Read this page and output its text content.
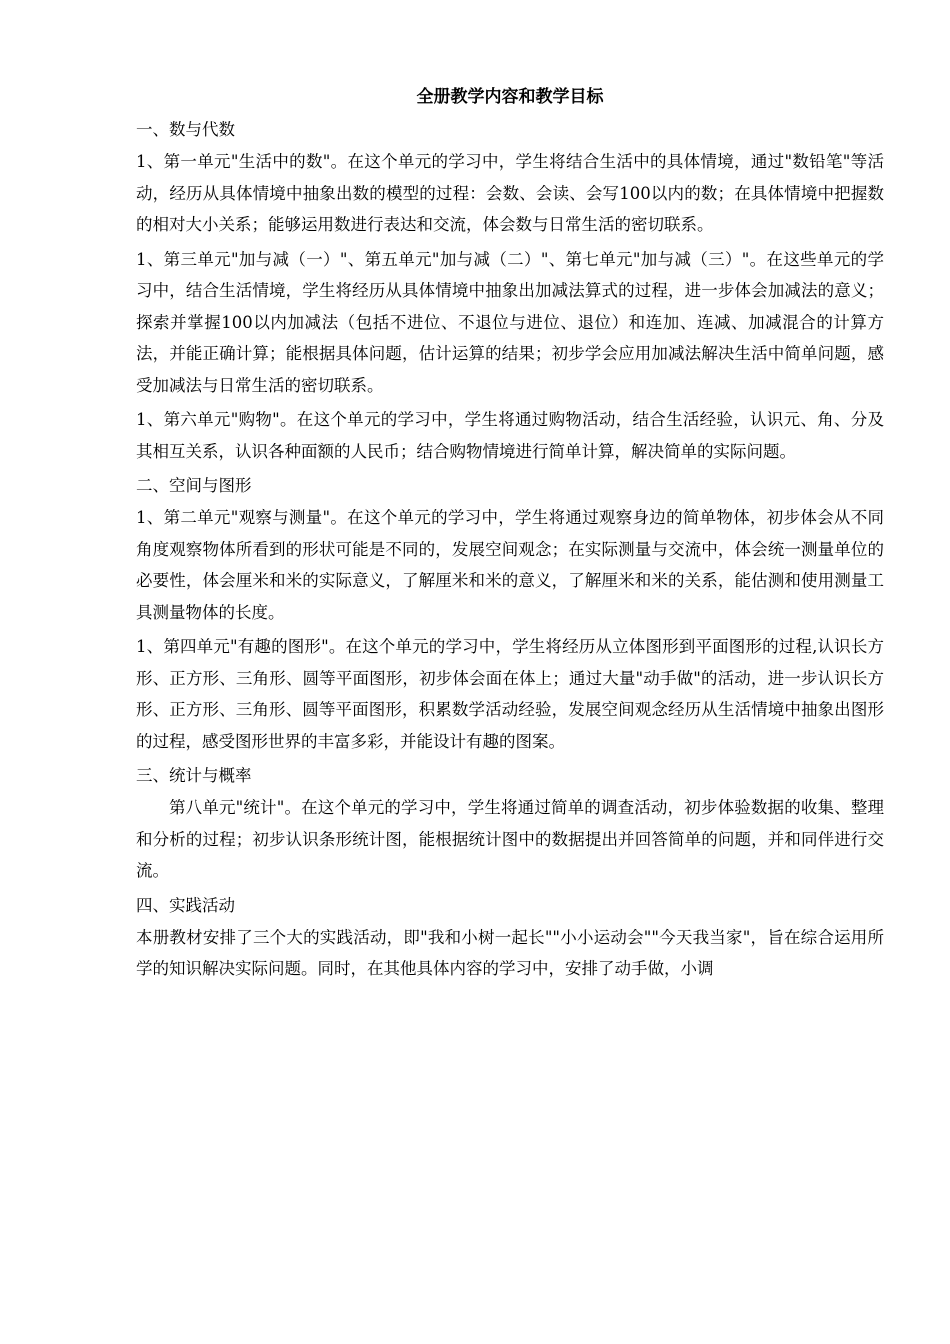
全册教学内容和教学目标
一、数与代数

1、第一单元"生活中的数"。在这个单元的学习中，学生将结合生活中的具体情境，通过"数铅笔"等活动，经历从具体情境中抽象出数的模型的过程：会数、会读、会写100以内的数；在具体情境中把握数的相对大小关系；能够运用数进行表达和交流，体会数与日常生活的密切联系。

1、第三单元"加与减（一）"、第五单元"加与减（二）"、第七单元"加与减（三）"。在这些单元的学习中，结合生活情境，学生将经历从具体情境中抽象出加减法算式的过程，进一步体会加减法的意义；探索并掌握100以内加减法（包括不进位、不退位与进位、退位）和连加、连减、加减混合的计算方法，并能正确计算；能根据具体问题，估计运算的结果；初步学会应用加减法解决生活中简单问题，感受加减法与日常生活的密切联系。

1、第六单元"购物"。在这个单元的学习中，学生将通过购物活动，结合生活经验，认识元、角、分及其相互关系，认识各种面额的人民币；结合购物情境进行简单计算，解决简单的实际问题。

二、空间与图形

1、第二单元"观察与测量"。在这个单元的学习中，学生将通过观察身边的简单物体，初步体会从不同角度观察物体所看到的形状可能是不同的，发展空间观念；在实际测量与交流中，体会统一测量单位的必要性，体会厘米和米的实际意义，了解厘米和米的意义，了解厘米和米的关系，能估测和使用测量工具测量物体的长度。

1、第四单元"有趣的图形"。在这个单元的学习中，学生将经历从立体图形到平面图形的过程,认识长方形、正方形、三角形、圆等平面图形，初步体会面在体上；通过大量"动手做"的活动，进一步认识长方形、正方形、三角形、圆等平面图形，积累数学活动经验，发展空间观念经历从生活情境中抽象出图形的过程，感受图形世界的丰富多彩，并能设计有趣的图案。

三、统计与概率

第八单元"统计"。在这个单元的学习中，学生将通过简单的调查活动，初步体验数据的收集、整理和分析的过程；初步认识条形统计图，能根据统计图中的数据提出并回答简单的问题，并和同伴进行交流。

四、实践活动

本册教材安排了三个大的实践活动，即"我和小树一起长""小小运动会""今天我当家"，旨在综合运用所学的知识解决实际问题。同时，在其他具体内容的学习中，安排了动手做，小调
